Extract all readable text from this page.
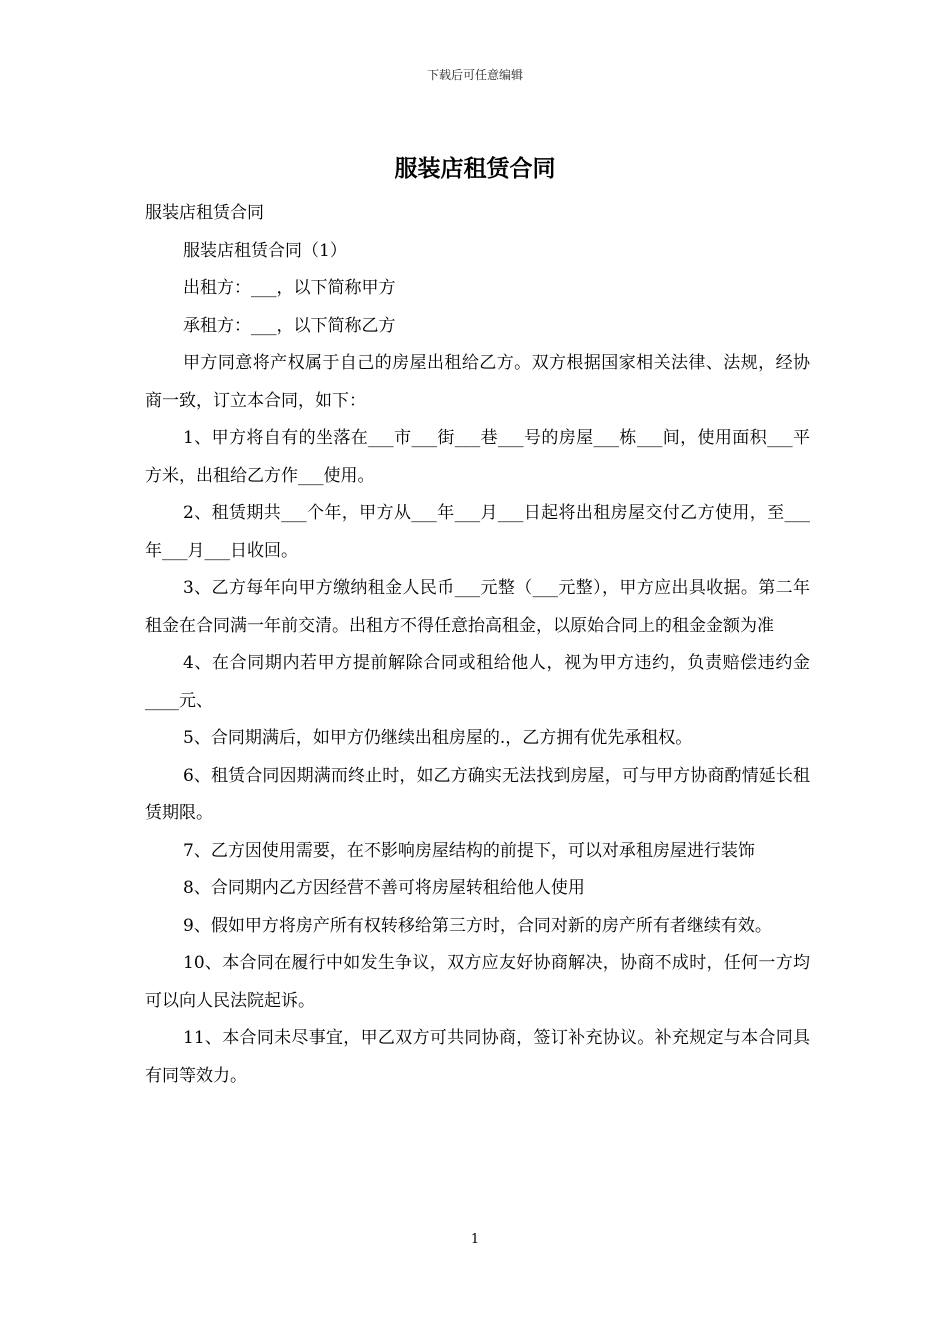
下载后可任意编辑
服装店租赁合同

服装店租赁合同

服装店租赁合同（1）

出租方：___，以下简称甲方

承租方：___，以下简称乙方

甲方同意将产权属于自己的房屋出租给乙方。双方根据国家相关法律、法规，经协商一致，订立本合同，如下：

1、甲方将自有的坐落在___市___街___巷___号的房屋___栋___间，使用面积___平方米，出租给乙方作___使用。

2、租赁期共___个年，甲方从___年___月___日起将出租房屋交付乙方使用，至___年___月___日收回。

3、乙方每年向甲方缴纳租金人民币___元整（___元整），甲方应出具收据。第二年租金在合同满一年前交清。出租方不得任意抬高租金，以原始合同上的租金金额为准

4、在合同期内若甲方提前解除合同或租给他人，视为甲方违约，负责赔偿违约金____元、

5、合同期满后，如甲方仍继续出租房屋的.，乙方拥有优先承租权。

6、租赁合同因期满而终止时，如乙方确实无法找到房屋，可与甲方协商酌情延长租赁期限。

7、乙方因使用需要，在不影响房屋结构的前提下，可以对承租房屋进行装饰

8、合同期内乙方因经营不善可将房屋转租给他人使用

9、假如甲方将房产所有权转移给第三方时，合同对新的房产所有者继续有效。

10、本合同在履行中如发生争议，双方应友好协商解决，协商不成时，任何一方均可以向人民法院起诉。

11、本合同未尽事宜，甲乙双方可共同协商，签订补充协议。补充规定与本合同具有同等效力。

1
